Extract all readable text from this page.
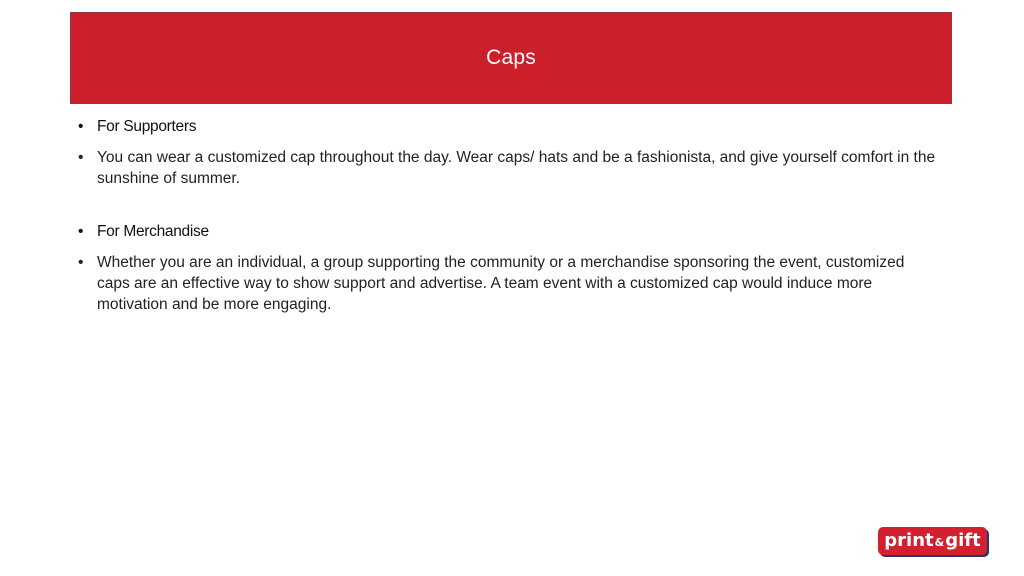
Caps
• For Supporters
• You can wear a customized cap throughout the day. Wear caps/ hats and be a fashionista, and give yourself comfort in the sunshine of summer.
• For Merchandise
• Whether you are an individual, a group supporting the community or a merchandise sponsoring the event, customized caps are an effective way to show support and advertise. A team event with a customized cap would induce more motivation and be more engaging.
print & gift
